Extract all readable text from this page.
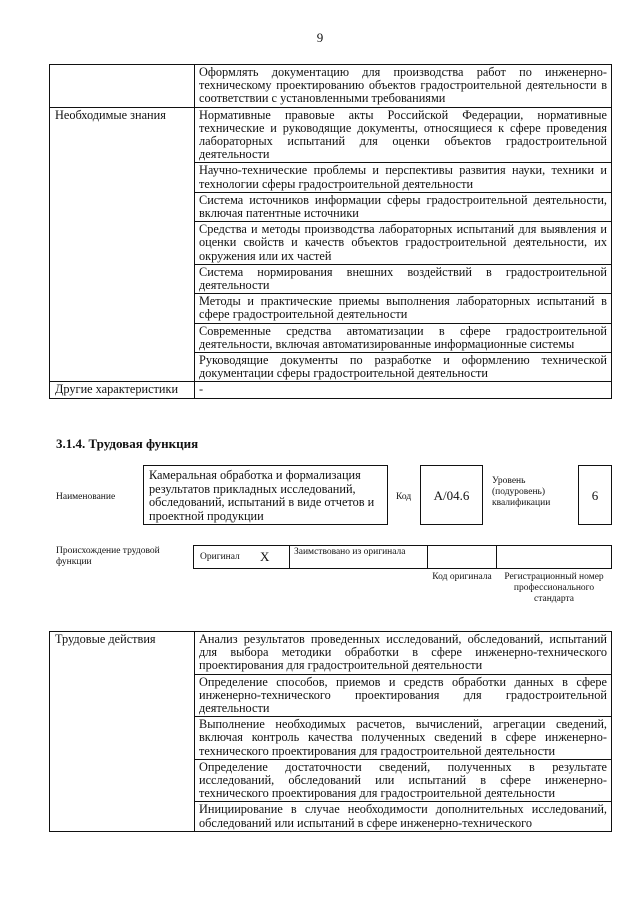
9
	Оформлять документацию для производства работ по инженерно-техническому проектированию объектов градостроительной деятельности в соответствии с установленными требованиями
Необходимые знания	Нормативные правовые акты Российской Федерации, нормативные технические и руководящие документы, относящиеся к сфере проведения лабораторных испытаний для оценки объектов градостроительной деятельности
	Научно-технические проблемы и перспективы развития науки, техники и технологии сферы градостроительной деятельности
	Система источников информации сферы градостроительной деятельности, включая патентные источники
	Средства и методы производства лабораторных испытаний для выявления и оценки свойств и качеств объектов градостроительной деятельности, их окружения или их частей
	Система нормирования внешних воздействий в градостроительной деятельности
	Методы и практические приемы выполнения лабораторных испытаний в сфере градостроительной деятельности
	Современные средства автоматизации в сфере градостроительной деятельности, включая автоматизированные информационные системы
	Руководящие документы по разработке и оформлению технической документации сферы градостроительной деятельности
Другие характеристики	-
3.1.4. Трудовая функция
Наименование
Камеральная обработка и формализация результатов прикладных исследований, обследований, испытаний в виде отчетов и проектной продукции
Код	A/04.6
Уровень (подуровень) квалификации	6
Происхождение трудовой функции	Оригинал X	Заимствовано из оригинала
Код оригинала	Регистрационный номер профессионального стандарта
Трудовые действия	Анализ результатов проведенных исследований, обследований, испытаний для выбора методики обработки в сфере инженерно-технического проектирования для градостроительной деятельности
Определение способов, приемов и средств обработки данных в сфере инженерно-технического проектирования для градостроительной деятельности
Выполнение необходимых расчетов, вычислений, агрегации сведений, включая контроль качества полученных сведений в сфере инженерно-технического проектирования для градостроительной деятельности
Определение достаточности сведений, полученных в результате исследований, обследований или испытаний в сфере инженерно-технического проектирования для градостроительной деятельности
Инициирование в случае необходимости дополнительных исследований, обследований или испытаний в сфере инженерно-технического
